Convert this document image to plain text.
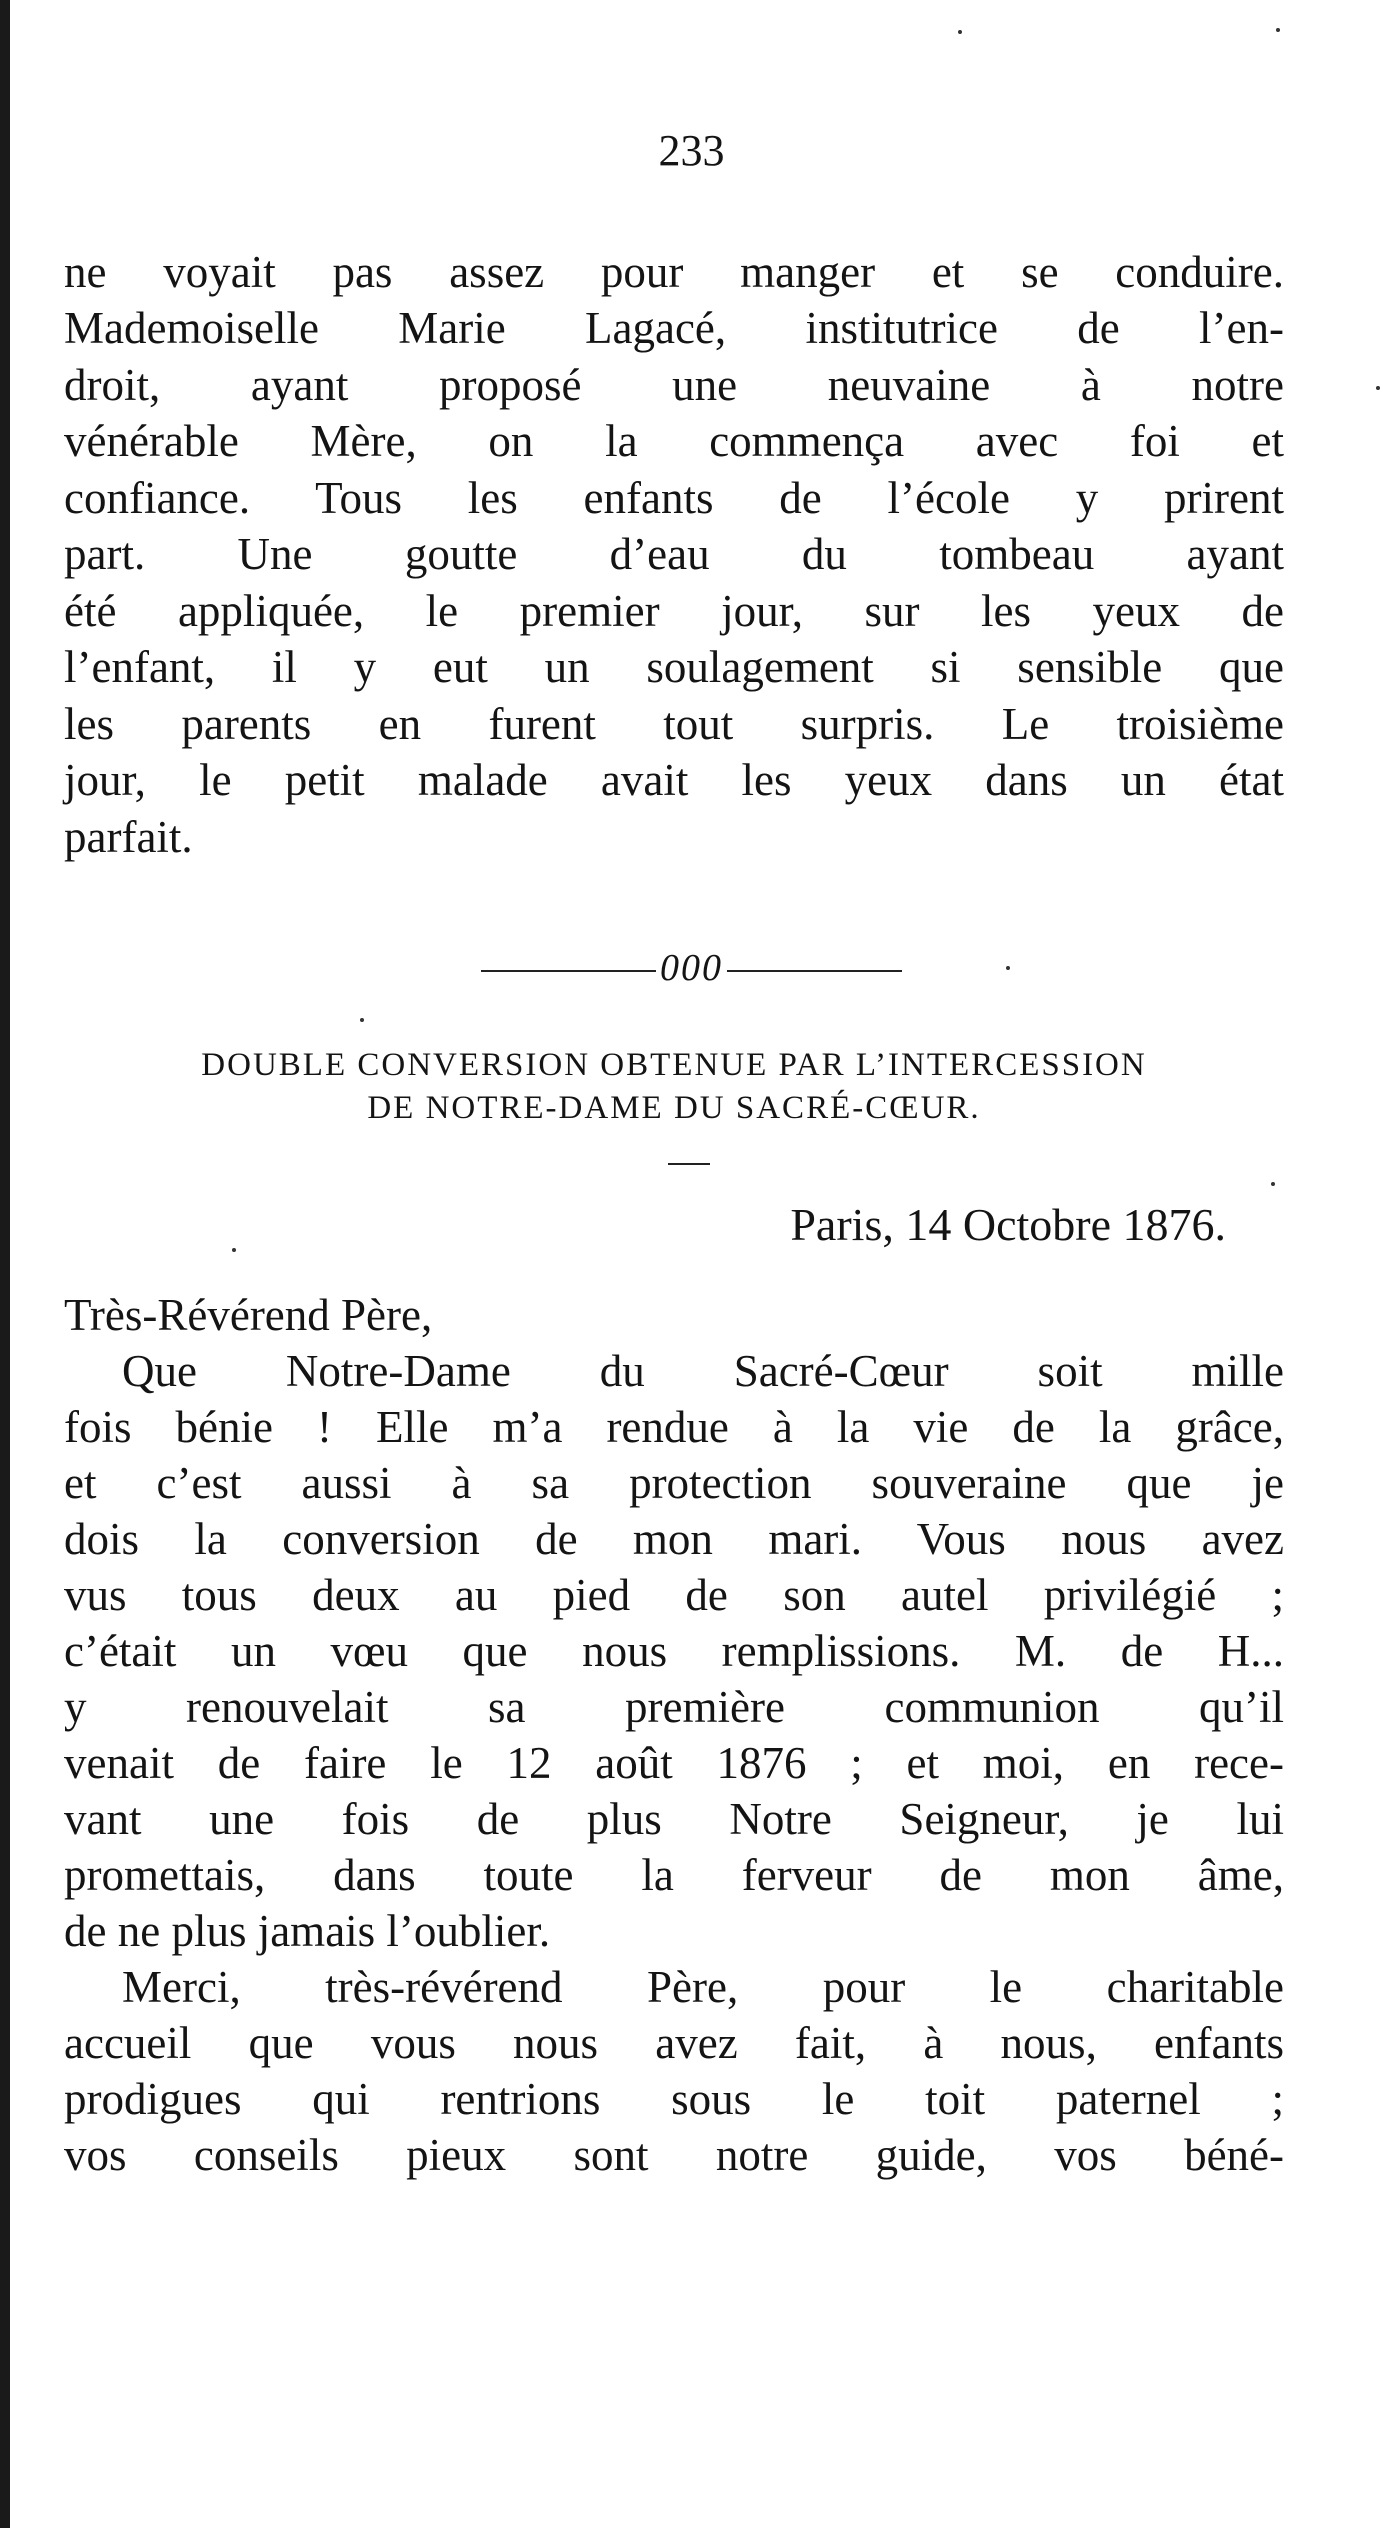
233
ne voyait pas assez pour manger et se conduire.
Mademoiselle Marie Lagacé, institutrice de l’en-
droit, ayant proposé une neuvaine à notre
vénérable Mère, on la commença avec foi et
confiance. Tous les enfants de l’école y prirent
part. Une goutte d’eau du tombeau ayant
été appliquée, le premier jour, sur les yeux de
l’enfant, il y eut un soulagement si sensible que
les parents en furent tout surpris. Le troisième
jour, le petit malade avait les yeux dans un état
parfait.
000
DOUBLE CONVERSION OBTENUE PAR L’INTERCESSION
DE NOTRE-DAME DU SACRÉ-CŒUR.
Paris, 14 Octobre 1876.
Très-Révérend Père,
Que Notre-Dame du Sacré-Cœur soit mille
fois bénie ! Elle m’a rendue à la vie de la grâce,
et c’est aussi à sa protection souveraine que je
dois la conversion de mon mari. Vous nous avez
vus tous deux au pied de son autel privilégié ;
c’était un vœu que nous remplissions. M. de H...
y renouvelait sa première communion qu’il
venait de faire le 12 août 1876 ; et moi, en rece-
vant une fois de plus Notre Seigneur, je lui
promettais, dans toute la ferveur de mon âme,
de ne plus jamais l’oublier.
Merci, très-révérend Père, pour le charitable
accueil que vous nous avez fait, à nous, enfants
prodigues qui rentrions sous le toit paternel ;
vos conseils pieux sont notre guide, vos béné-
